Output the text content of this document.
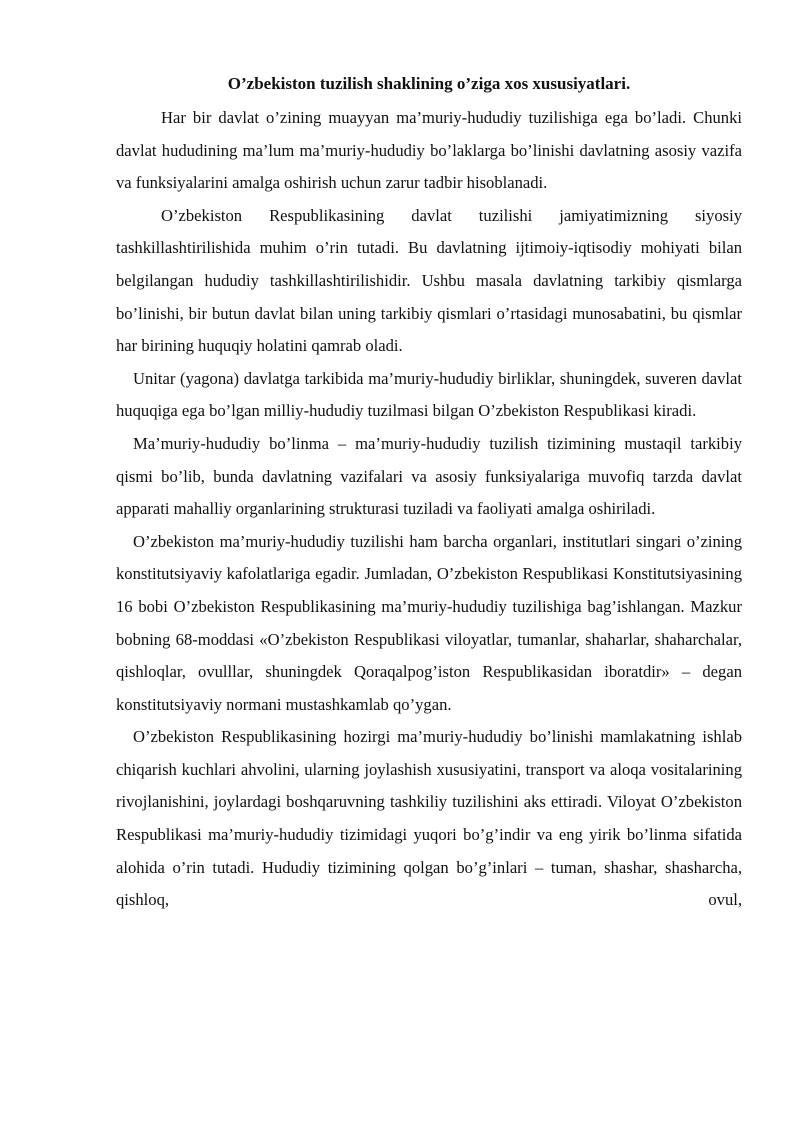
O’zbekiston tuzilish shaklining o’ziga xos xususiyatlari.

Har bir davlat o’zining muayyan ma’muriy-hududiy tuzilishiga ega bo’ladi. Chunki davlat hududining ma’lum ma’muriy-hududiy bo’laklarga bo’linishi davlatning asosiy vazifa va funksiyalarini amalga oshirish uchun zarur tadbir hisoblanadi.

O’zbekiston Respublikasining davlat tuzilishi jamiyatimizning siyosiy tashkillashtirilishida muhim o’rin tutadi. Bu davlatning ijtimoiy-iqtisodiy mohiyati bilan belgilangan hududiy tashkillashtirilishidir. Ushbu masala davlatning tarkibiy qismlarga bo’linishi, bir butun davlat bilan uning tarkibiy qismlari o’rtasidagi munosabatini, bu qismlar har birining huquqiy holatini qamrab oladi.

Unitar (yagona) davlatga tarkibida ma’muriy-hududiy birliklar, shuningdek, suveren davlat huquqiga ega bo’lgan milliy-hududiy tuzilmasi bilgan O’zbekiston Respublikasi kiradi.

Ma’muriy-hududiy bo’linma – ma’muriy-hududiy tuzilish tizimining mustaqil tarkibiy qismi bo’lib, bunda davlatning vazifalari va asosiy funksiyalariga muvofiq tarzda davlat apparati mahalliy organlarining strukturasi tuziladi va faoliyati amalga oshiriladi.

O’zbekiston ma’muriy-hududiy tuzilishi ham barcha organlari, institutlari singari o’zining konstitutsiyaviy kafolatlariga egadir. Jumladan, O’zbekiston Respublikasi Konstitutsiyasining 16 bobi O’zbekiston Respublikasining ma’muriy-hududiy tuzilishiga bag’ishlangan. Mazkur bobning 68-moddasi «O’zbekiston Respublikasi viloyatlar, tumanlar, shaharlar, shaharchalar, qishloqlar, ovulllar, shuningdek Qoraqalpog’iston Respublikasidan iboratdir» – degan konstitutsiyaviy normani mustashkamlab qo’ygan.

O’zbekiston Respublikasining hozirgi ma’muriy-hududiy bo’linishi mamlakatning ishlab chiqarish kuchlari ahvolini, ularning joylashish xususiyatini, transport va aloqa vositalarining rivojlanishini, joylardagi boshqaruvning tashkiliy tuzilishini aks ettiradi. Viloyat O’zbekiston Respublikasi ma’muriy-hududiy tizimidagi yuqori bo’g’indir va eng yirik bo’linma sifatida alohida o’rin tutadi. Hududiy tizimining qolgan bo’g’inlari – tuman, shashar, shasharcha, qishloq, ovul,
